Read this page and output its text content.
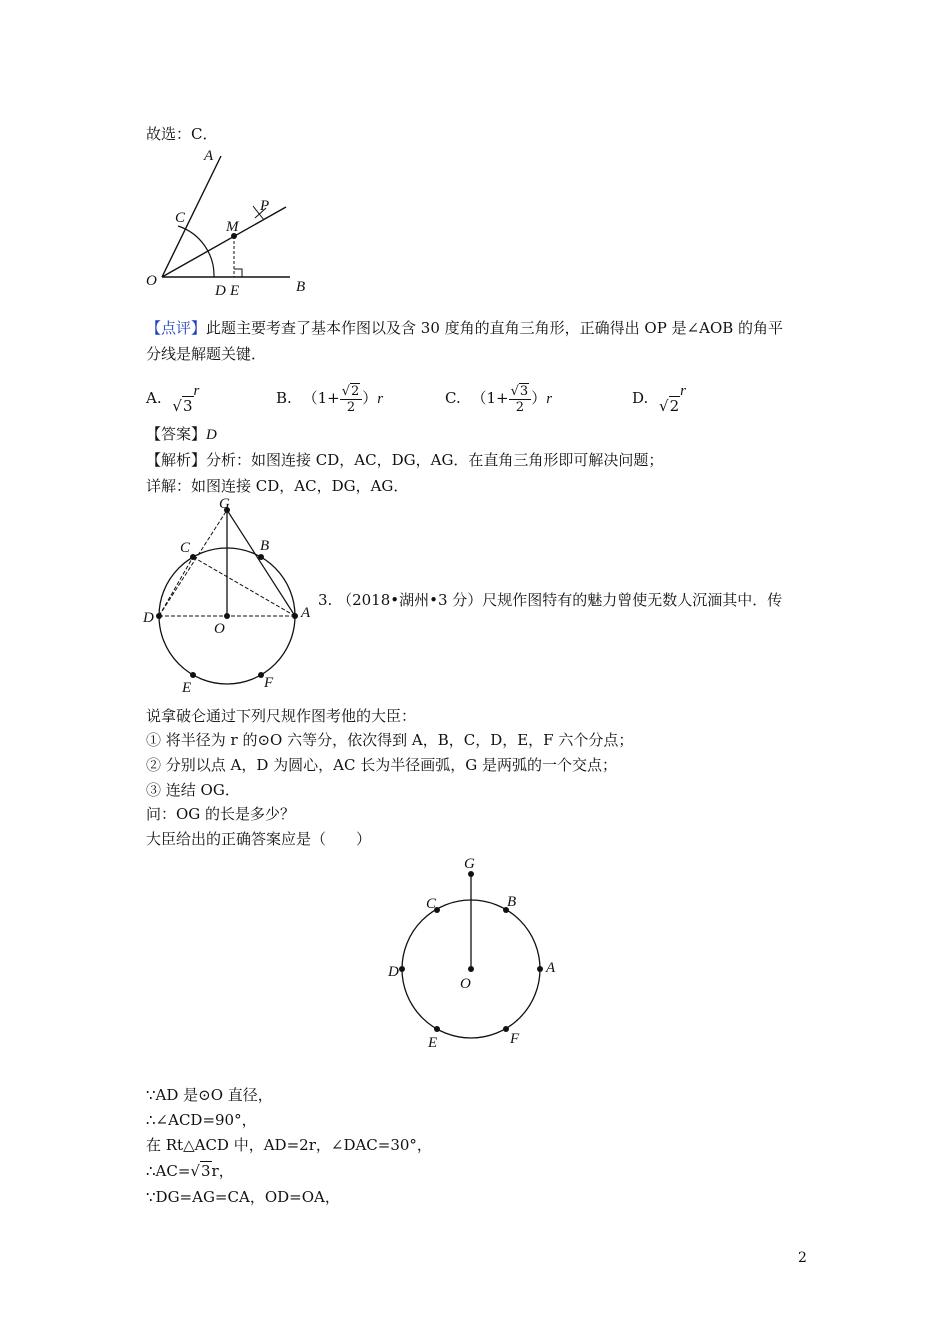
故选：C．
A
C
M
P
O
D E	B
【点评】此题主要考查了基本作图以及含 30 度角的直角三角形，正确得出 OP 是∠AOB 的角平
分线是解题关键．
A. √3r	B. $(1+ \frac{√2}{2} )r$	C. $(1+ \frac{√3}{2} )r$	D. √2r
【答案】D
【解析】分析：如图连接 CD，AC，DG，AG．在直角三角形即可解决问题；
详解：如图连接 CD，AC，DG，AG．
G
C	B
D
O
A
E	F
3. （2018•湖州•3 分）尺规作图特有的魅力曾使无数人沉湎其中．传
说拿破仑通过下列尺规作图考他的大臣：
① 将半径为 r 的⊙O 六等分，依次得到 A，B，C，D，E，F 六个分点；
② 分别以点 A，D 为圆心，AC 长为半径画弧，G 是两弧的一个交点；
③ 连结 OG．
问：OG 的长是多少？
大臣给出的正确答案应是（　　）
G
C	B
D
O
A
E	F
∵AD 是⊙O 直径，
∴∠ACD=90°，
在 Rt△ACD 中，AD=2r，∠DAC=30°，
∴AC=√3r，
∵DG=AG=CA，OD=OA，
2
